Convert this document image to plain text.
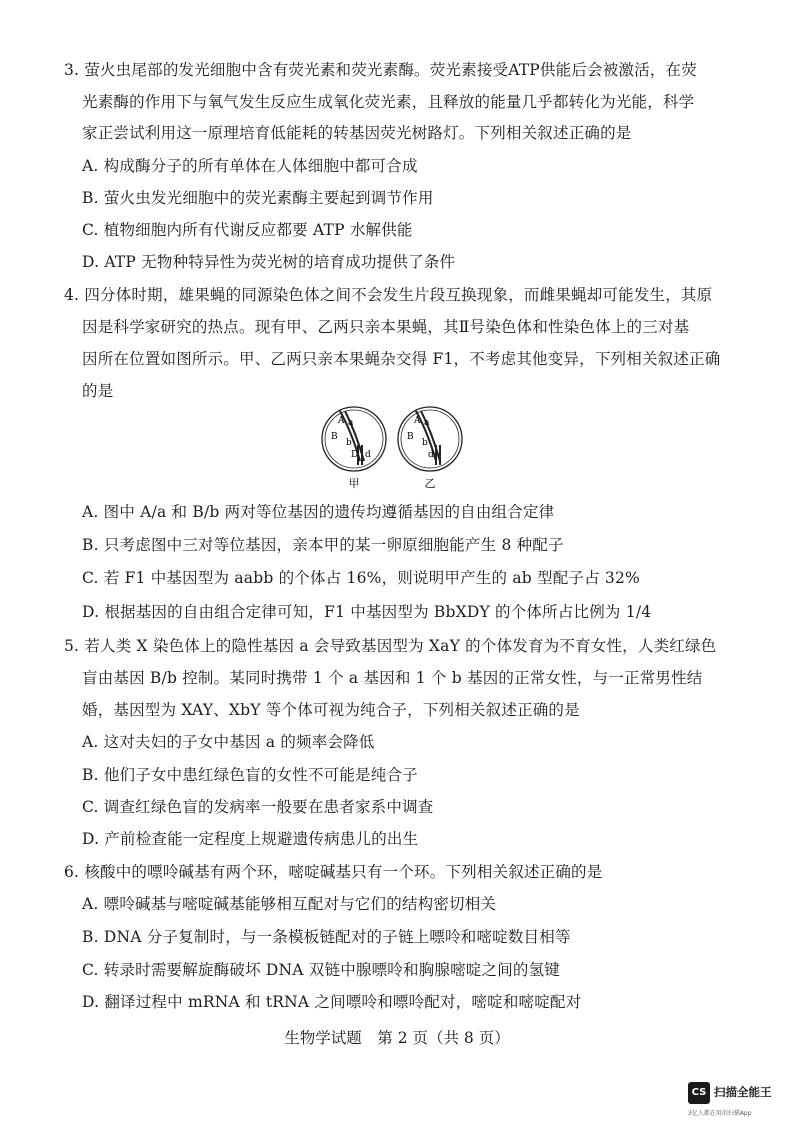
3. 萤火虫尾部的发光细胞中含有荧光素和荧光素酶。荧光素接受ATP供能后会被激活，在荧
光素酶的作用下与氧气发生反应生成氧化荧光素，且释放的能量几乎都转化为光能，科学
家正尝试利用这一原理培育低能耗的转基因荧光树路灯。下列相关叙述正确的是
A. 构成酶分子的所有单体在人体细胞中都可合成
B. 萤火虫发光细胞中的荧光素酶主要起到调节作用
C. 植物细胞内所有代谢反应都要 ATP 水解供能
D. ATP 无物种特异性为荧光树的培育成功提供了条件
4. 四分体时期，雄果蝇的同源染色体之间不会发生片段互换现象，而雌果蝇却可能发生，其原
因是科学家研究的热点。现有甲、乙两只亲本果蝇，其Ⅱ号染色体和性染色体上的三对基
因所在位置如图所示。甲、乙两只亲本果蝇杂交得 F1，不考虑其他变异，下列相关叙述正确
的是
A a
B
b
D d
A a
B
b
d
甲	乙
A. 图中 A/a 和 B/b 两对等位基因的遗传均遵循基因的自由组合定律
B. 只考虑图中三对等位基因，亲本甲的某一卵原细胞能产生 8 种配子
C. 若 F1 中基因型为 aabb 的个体占 16%，则说明甲产生的 ab 型配子占 32%
D. 根据基因的自由组合定律可知，F1 中基因型为 BbXDY 的个体所占比例为 1/4
5. 若人类 X 染色体上的隐性基因 a 会导致基因型为 XaY 的个体发育为不育女性，人类红绿色
盲由基因 B/b 控制。某同时携带 1 个 a 基因和 1 个 b 基因的正常女性，与一正常男性结
婚，基因型为 XAY、XbY 等个体可视为纯合子，下列相关叙述正确的是
A. 这对夫妇的子女中基因 a 的频率会降低
B. 他们子女中患红绿色盲的女性不可能是纯合子
C. 调查红绿色盲的发病率一般要在患者家系中调查
D. 产前检查能一定程度上规避遗传病患儿的出生
6. 核酸中的嘌呤碱基有两个环，嘧啶碱基只有一个环。下列相关叙述正确的是
A. 嘌呤碱基与嘧啶碱基能够相互配对与它们的结构密切相关
B. DNA 分子复制时，与一条模板链配对的子链上嘌呤和嘧啶数目相等
C. 转录时需要解旋酶破坏 DNA 双链中腺嘌呤和胸腺嘧啶之间的氢键
D. 翻译过程中 mRNA 和 tRNA 之间嘌呤和嘌呤配对，嘧啶和嘧啶配对
生物学试题　第 2 页（共 8 页）
CS 扫描全能王
3亿人都在用的扫描App
